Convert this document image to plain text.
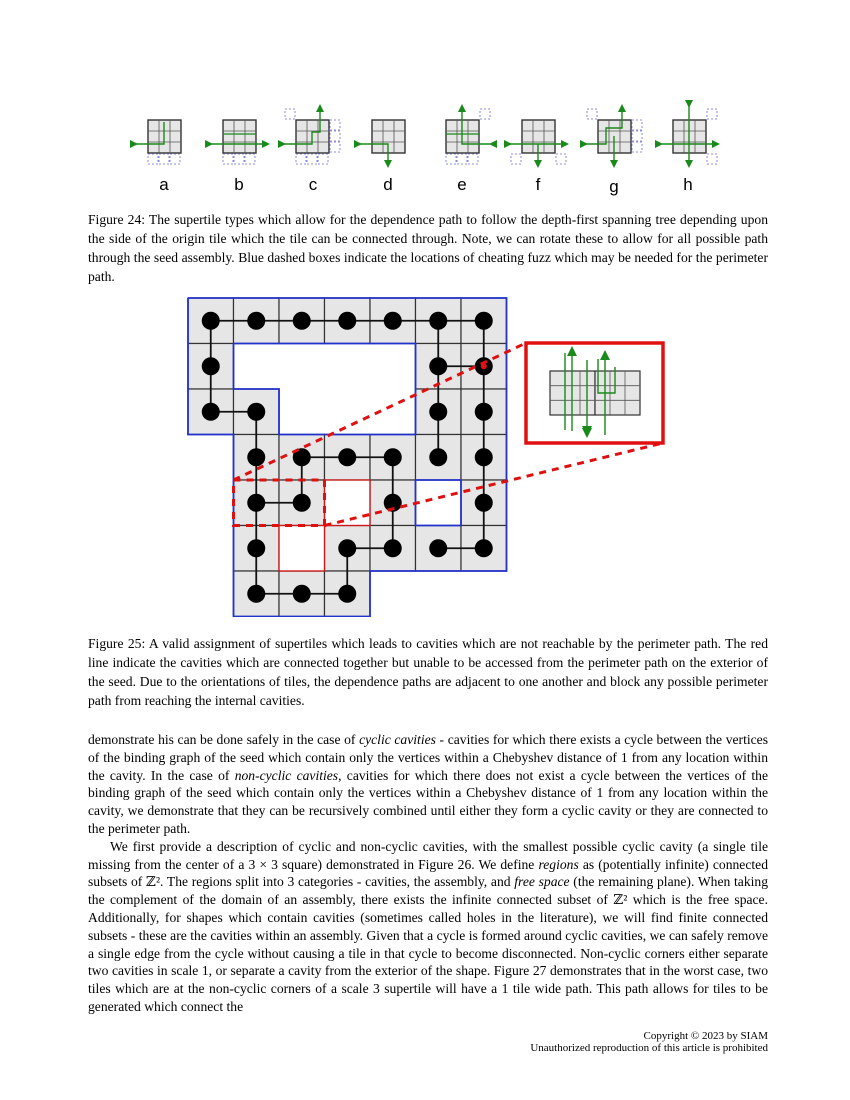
a	b	c	d	e	f	g	h

Figure 24: The supertile types which allow for the dependence path to follow the depth-first spanning tree depending upon the side of the origin tile which the tile can be connected through. Note, we can rotate these to allow for all possible path through the seed assembly. Blue dashed boxes indicate the locations of cheating fuzz which may be needed for the perimeter path.

Figure 25: A valid assignment of supertiles which leads to cavities which are not reachable by the perimeter path. The red line indicate the cavities which are connected together but unable to be accessed from the perimeter path on the exterior of the seed. Due to the orientations of tiles, the dependence paths are adjacent to one another and block any possible perimeter path from reaching the internal cavities.

demonstrate his can be done safely in the case of cyclic cavities - cavities for which there exists a cycle between the vertices of the binding graph of the seed which contain only the vertices within a Chebyshev distance of 1 from any location within the cavity. In the case of non-cyclic cavities, cavities for which there does not exist a cycle between the vertices of the binding graph of the seed which contain only the vertices within a Chebyshev distance of 1 from any location within the cavity, we demonstrate that they can be recursively combined until either they form a cyclic cavity or they are connected to the perimeter path.

We first provide a description of cyclic and non-cyclic cavities, with the smallest possible cyclic cavity (a single tile missing from the center of a 3 × 3 square) demonstrated in Figure 26. We define regions as (potentially infinite) connected subsets of ℤ². The regions split into 3 categories - cavities, the assembly, and free space (the remaining plane). When taking the complement of the domain of an assembly, there exists the infinite connected subset of ℤ² which is the free space. Additionally, for shapes which contain cavities (sometimes called holes in the literature), we will find finite connected subsets - these are the cavities within an assembly. Given that a cycle is formed around cyclic cavities, we can safely remove a single edge from the cycle without causing a tile in that cycle to become disconnected. Non-cyclic corners either separate two cavities in scale 1, or separate a cavity from the exterior of the shape. Figure 27 demonstrates that in the worst case, two tiles which are at the non-cyclic corners of a scale 3 supertile will have a 1 tile wide path. This path allows for tiles to be generated which connect the

Copyright © 2023 by SIAM
Unauthorized reproduction of this article is prohibited
